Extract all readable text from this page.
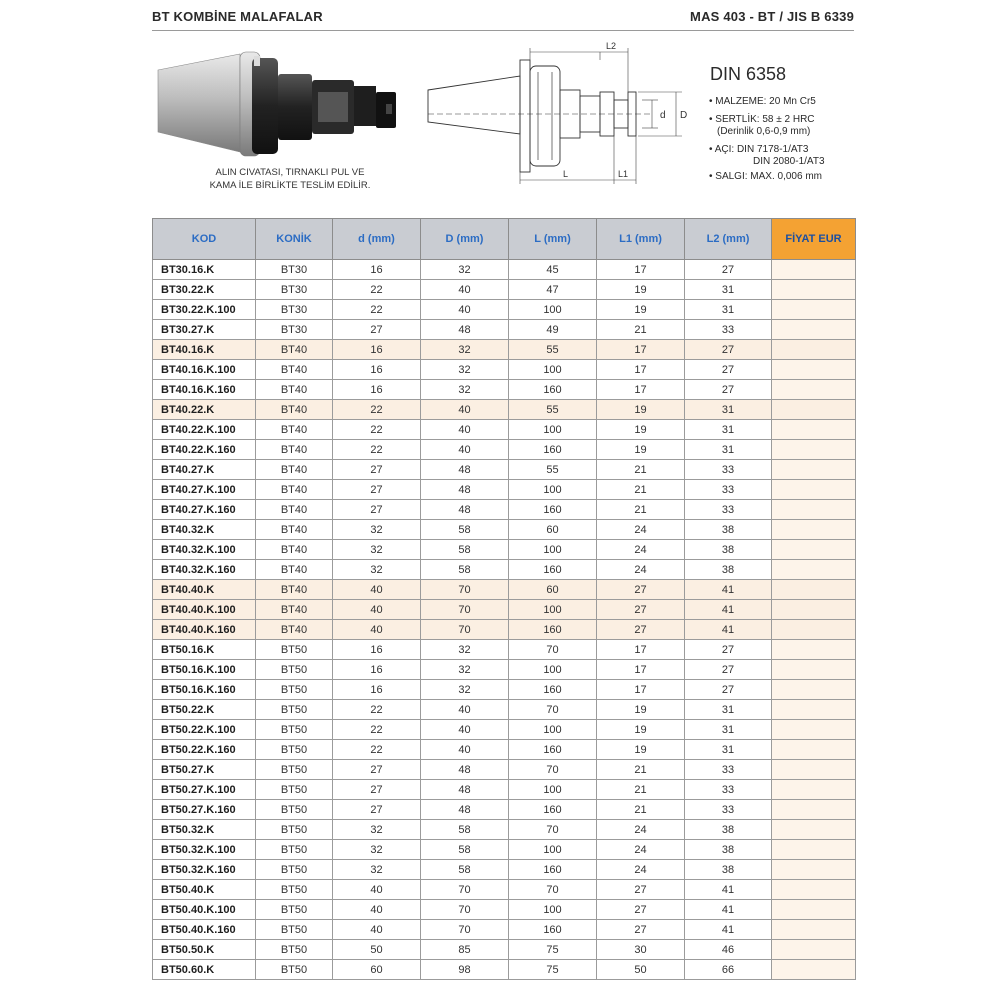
BT KOMBİNE MALAFALAR	MAS 403 - BT / JIS B 6339
ALIN CIVATASI, TIRNAKLI PUL VE
KAMA İLE BİRLİKTE TESLİM EDİLİR.
L2
L	L1
d D
DIN 6358
• MALZEME: 20 Mn Cr5
• SERTLİK: 58 ± 2 HRC
(Derinlik 0,6-0,9 mm)
• AÇI: DIN 7178-1/AT3
DIN 2080-1/AT3
• SALGI: MAX. 0,006 mm
KOD	KONİK	d (mm)	D (mm)	L (mm)	L1 (mm)	L2 (mm)	FİYAT EUR
BT30.16.K	BT30	16	32	45	17	27	
BT30.22.K	BT30	22	40	47	19	31	
BT30.22.K.100	BT30	22	40	100	19	31	
BT30.27.K	BT30	27	48	49	21	33	
BT40.16.K	BT40	16	32	55	17	27	
BT40.16.K.100	BT40	16	32	100	17	27	
BT40.16.K.160	BT40	16	32	160	17	27	
BT40.22.K	BT40	22	40	55	19	31	
BT40.22.K.100	BT40	22	40	100	19	31	
BT40.22.K.160	BT40	22	40	160	19	31	
BT40.27.K	BT40	27	48	55	21	33	
BT40.27.K.100	BT40	27	48	100	21	33	
BT40.27.K.160	BT40	27	48	160	21	33	
BT40.32.K	BT40	32	58	60	24	38	
BT40.32.K.100	BT40	32	58	100	24	38	
BT40.32.K.160	BT40	32	58	160	24	38	
BT40.40.K	BT40	40	70	60	27	41	
BT40.40.K.100	BT40	40	70	100	27	41	
BT40.40.K.160	BT40	40	70	160	27	41	
BT50.16.K	BT50	16	32	70	17	27	
BT50.16.K.100	BT50	16	32	100	17	27	
BT50.16.K.160	BT50	16	32	160	17	27	
BT50.22.K	BT50	22	40	70	19	31	
BT50.22.K.100	BT50	22	40	100	19	31	
BT50.22.K.160	BT50	22	40	160	19	31	
BT50.27.K	BT50	27	48	70	21	33	
BT50.27.K.100	BT50	27	48	100	21	33	
BT50.27.K.160	BT50	27	48	160	21	33	
BT50.32.K	BT50	32	58	70	24	38	
BT50.32.K.100	BT50	32	58	100	24	38	
BT50.32.K.160	BT50	32	58	160	24	38	
BT50.40.K	BT50	40	70	70	27	41	
BT50.40.K.100	BT50	40	70	100	27	41	
BT50.40.K.160	BT50	40	70	160	27	41	
BT50.50.K	BT50	50	85	75	30	46	
BT50.60.K	BT50	60	98	75	50	66	
